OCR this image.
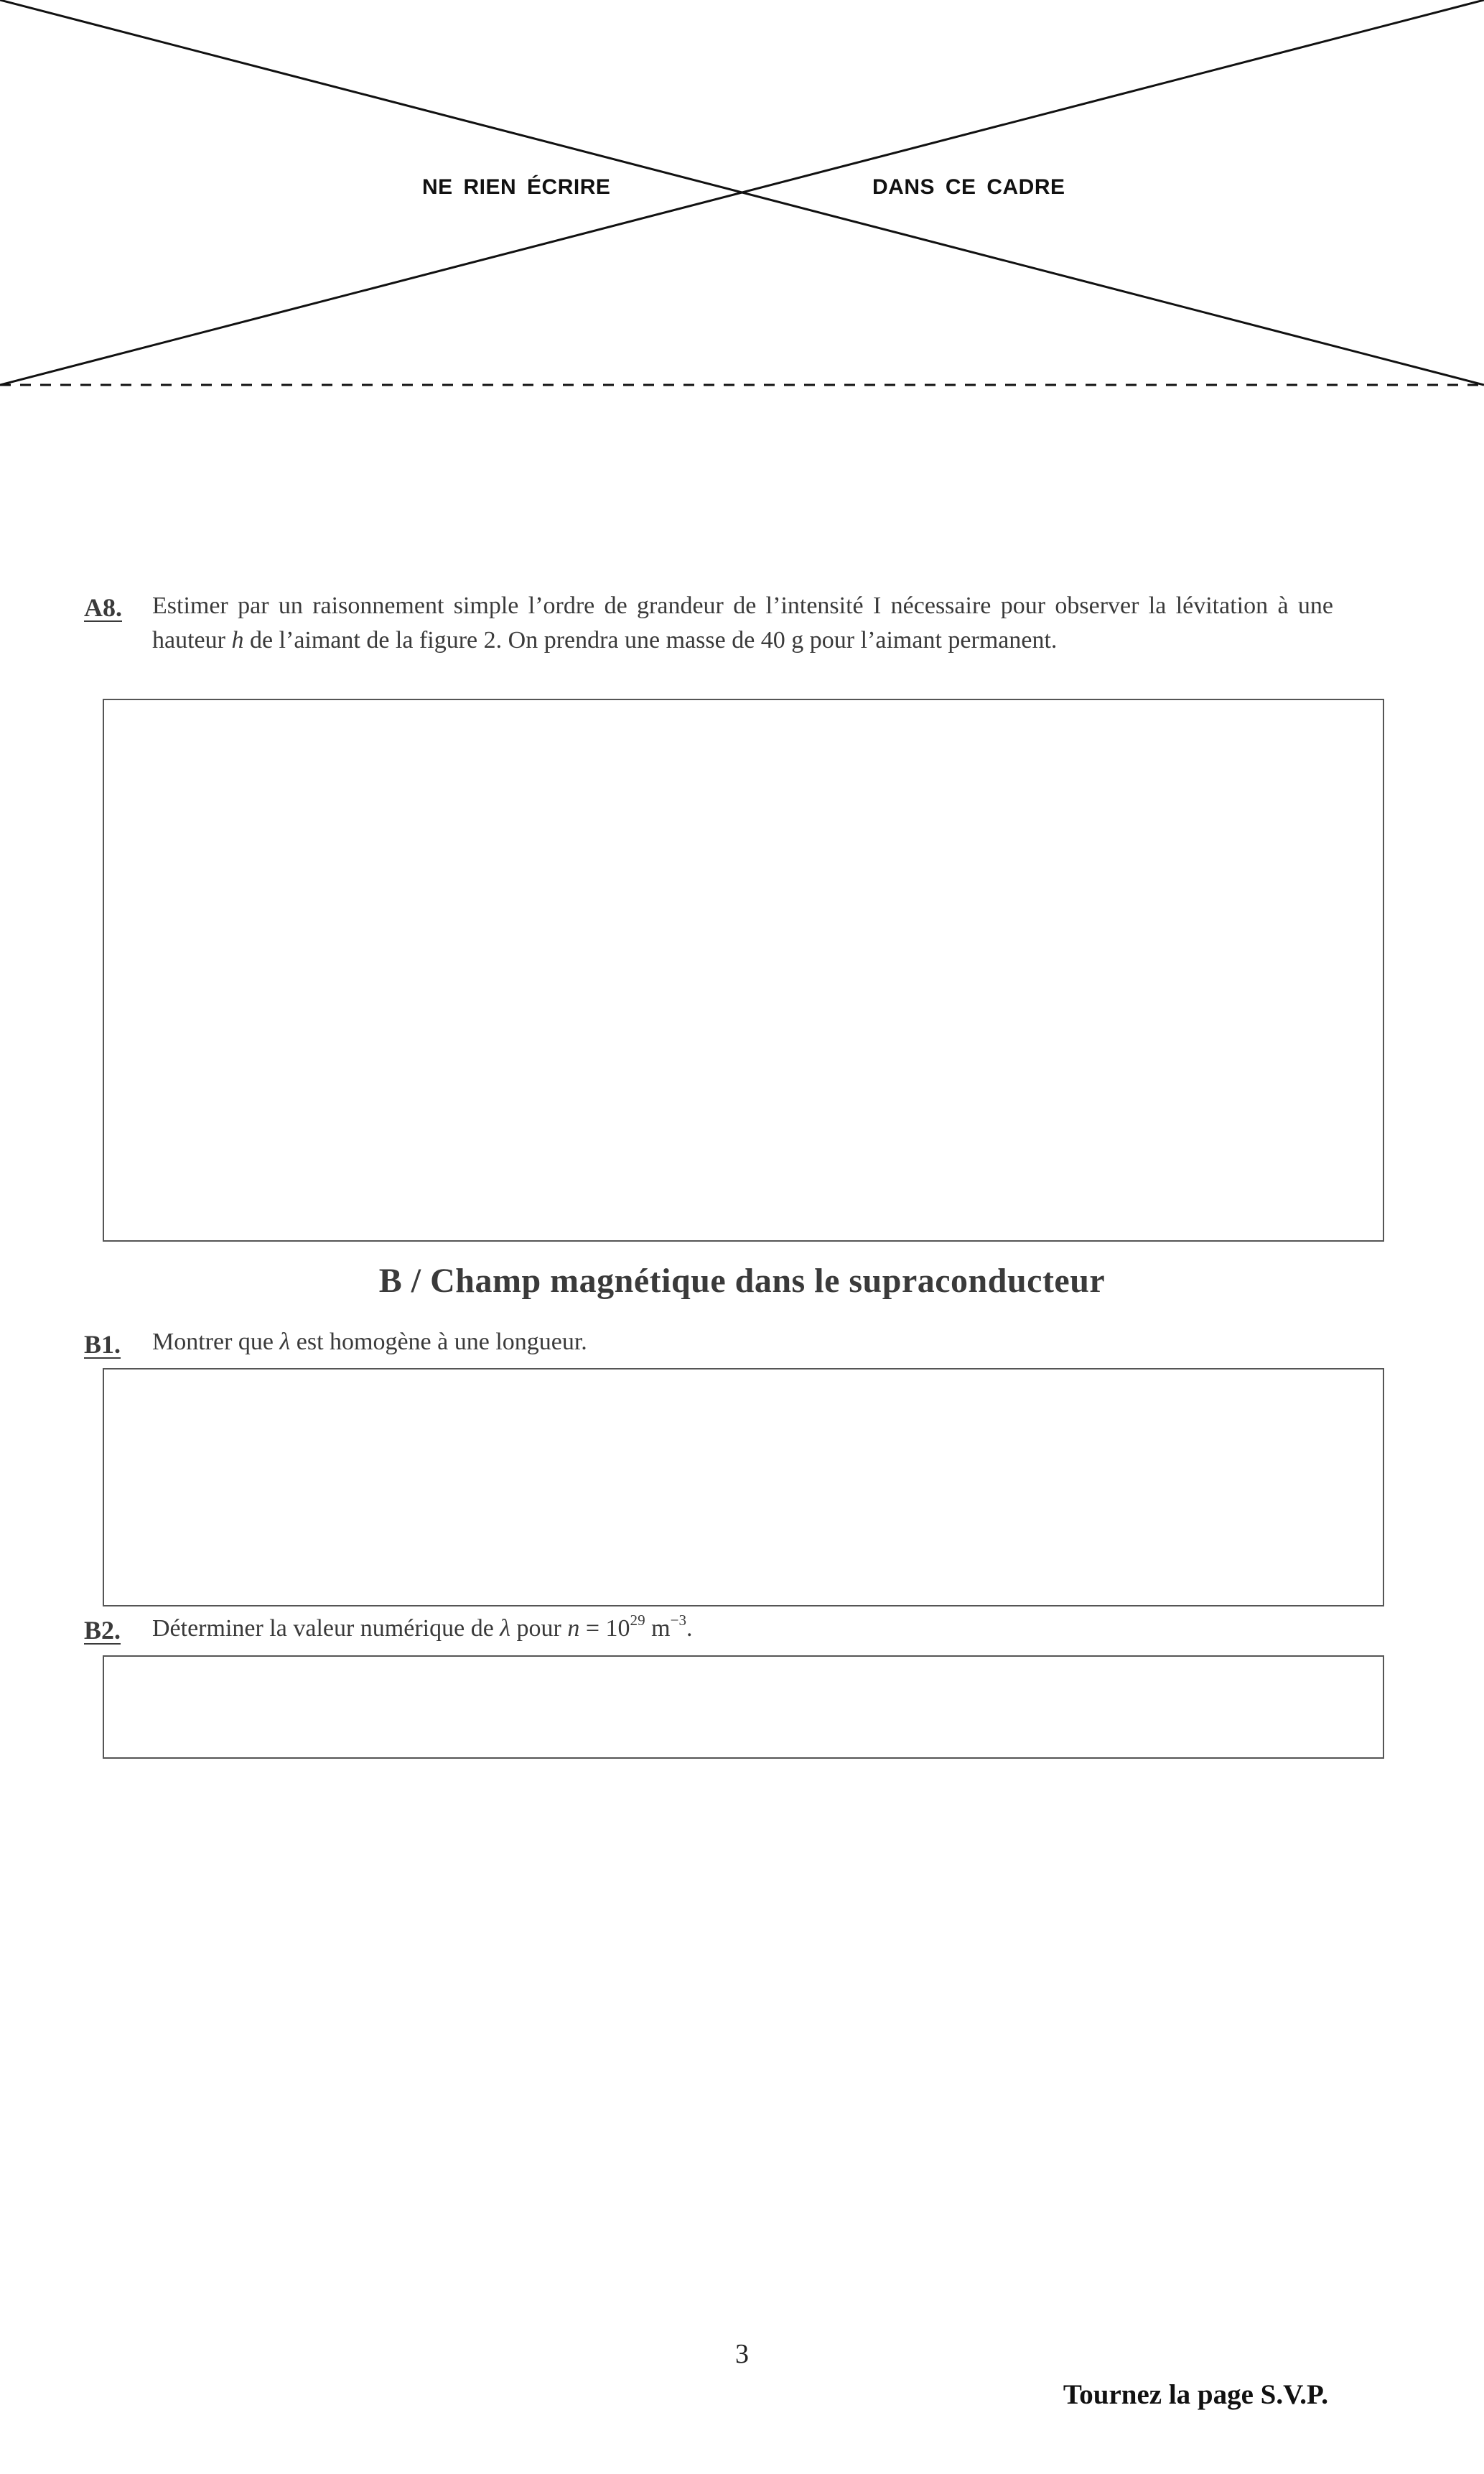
NE RIEN ÉCRIRE	DANS CE CADRE
A8. Estimer par un raisonnement simple l’ordre de grandeur de l’intensité I nécessaire pour observer la lévitation à une hauteur h de l’aimant de la figure 2. On prendra une masse de 40 g pour l’aimant permanent.
B / Champ magnétique dans le supraconducteur
B1. Montrer que λ est homogène à une longueur.
B2. Déterminer la valeur numérique de λ pour $n = 10^{29}$ $m^{-3}$.
3
Tournez la page S.V.P.
